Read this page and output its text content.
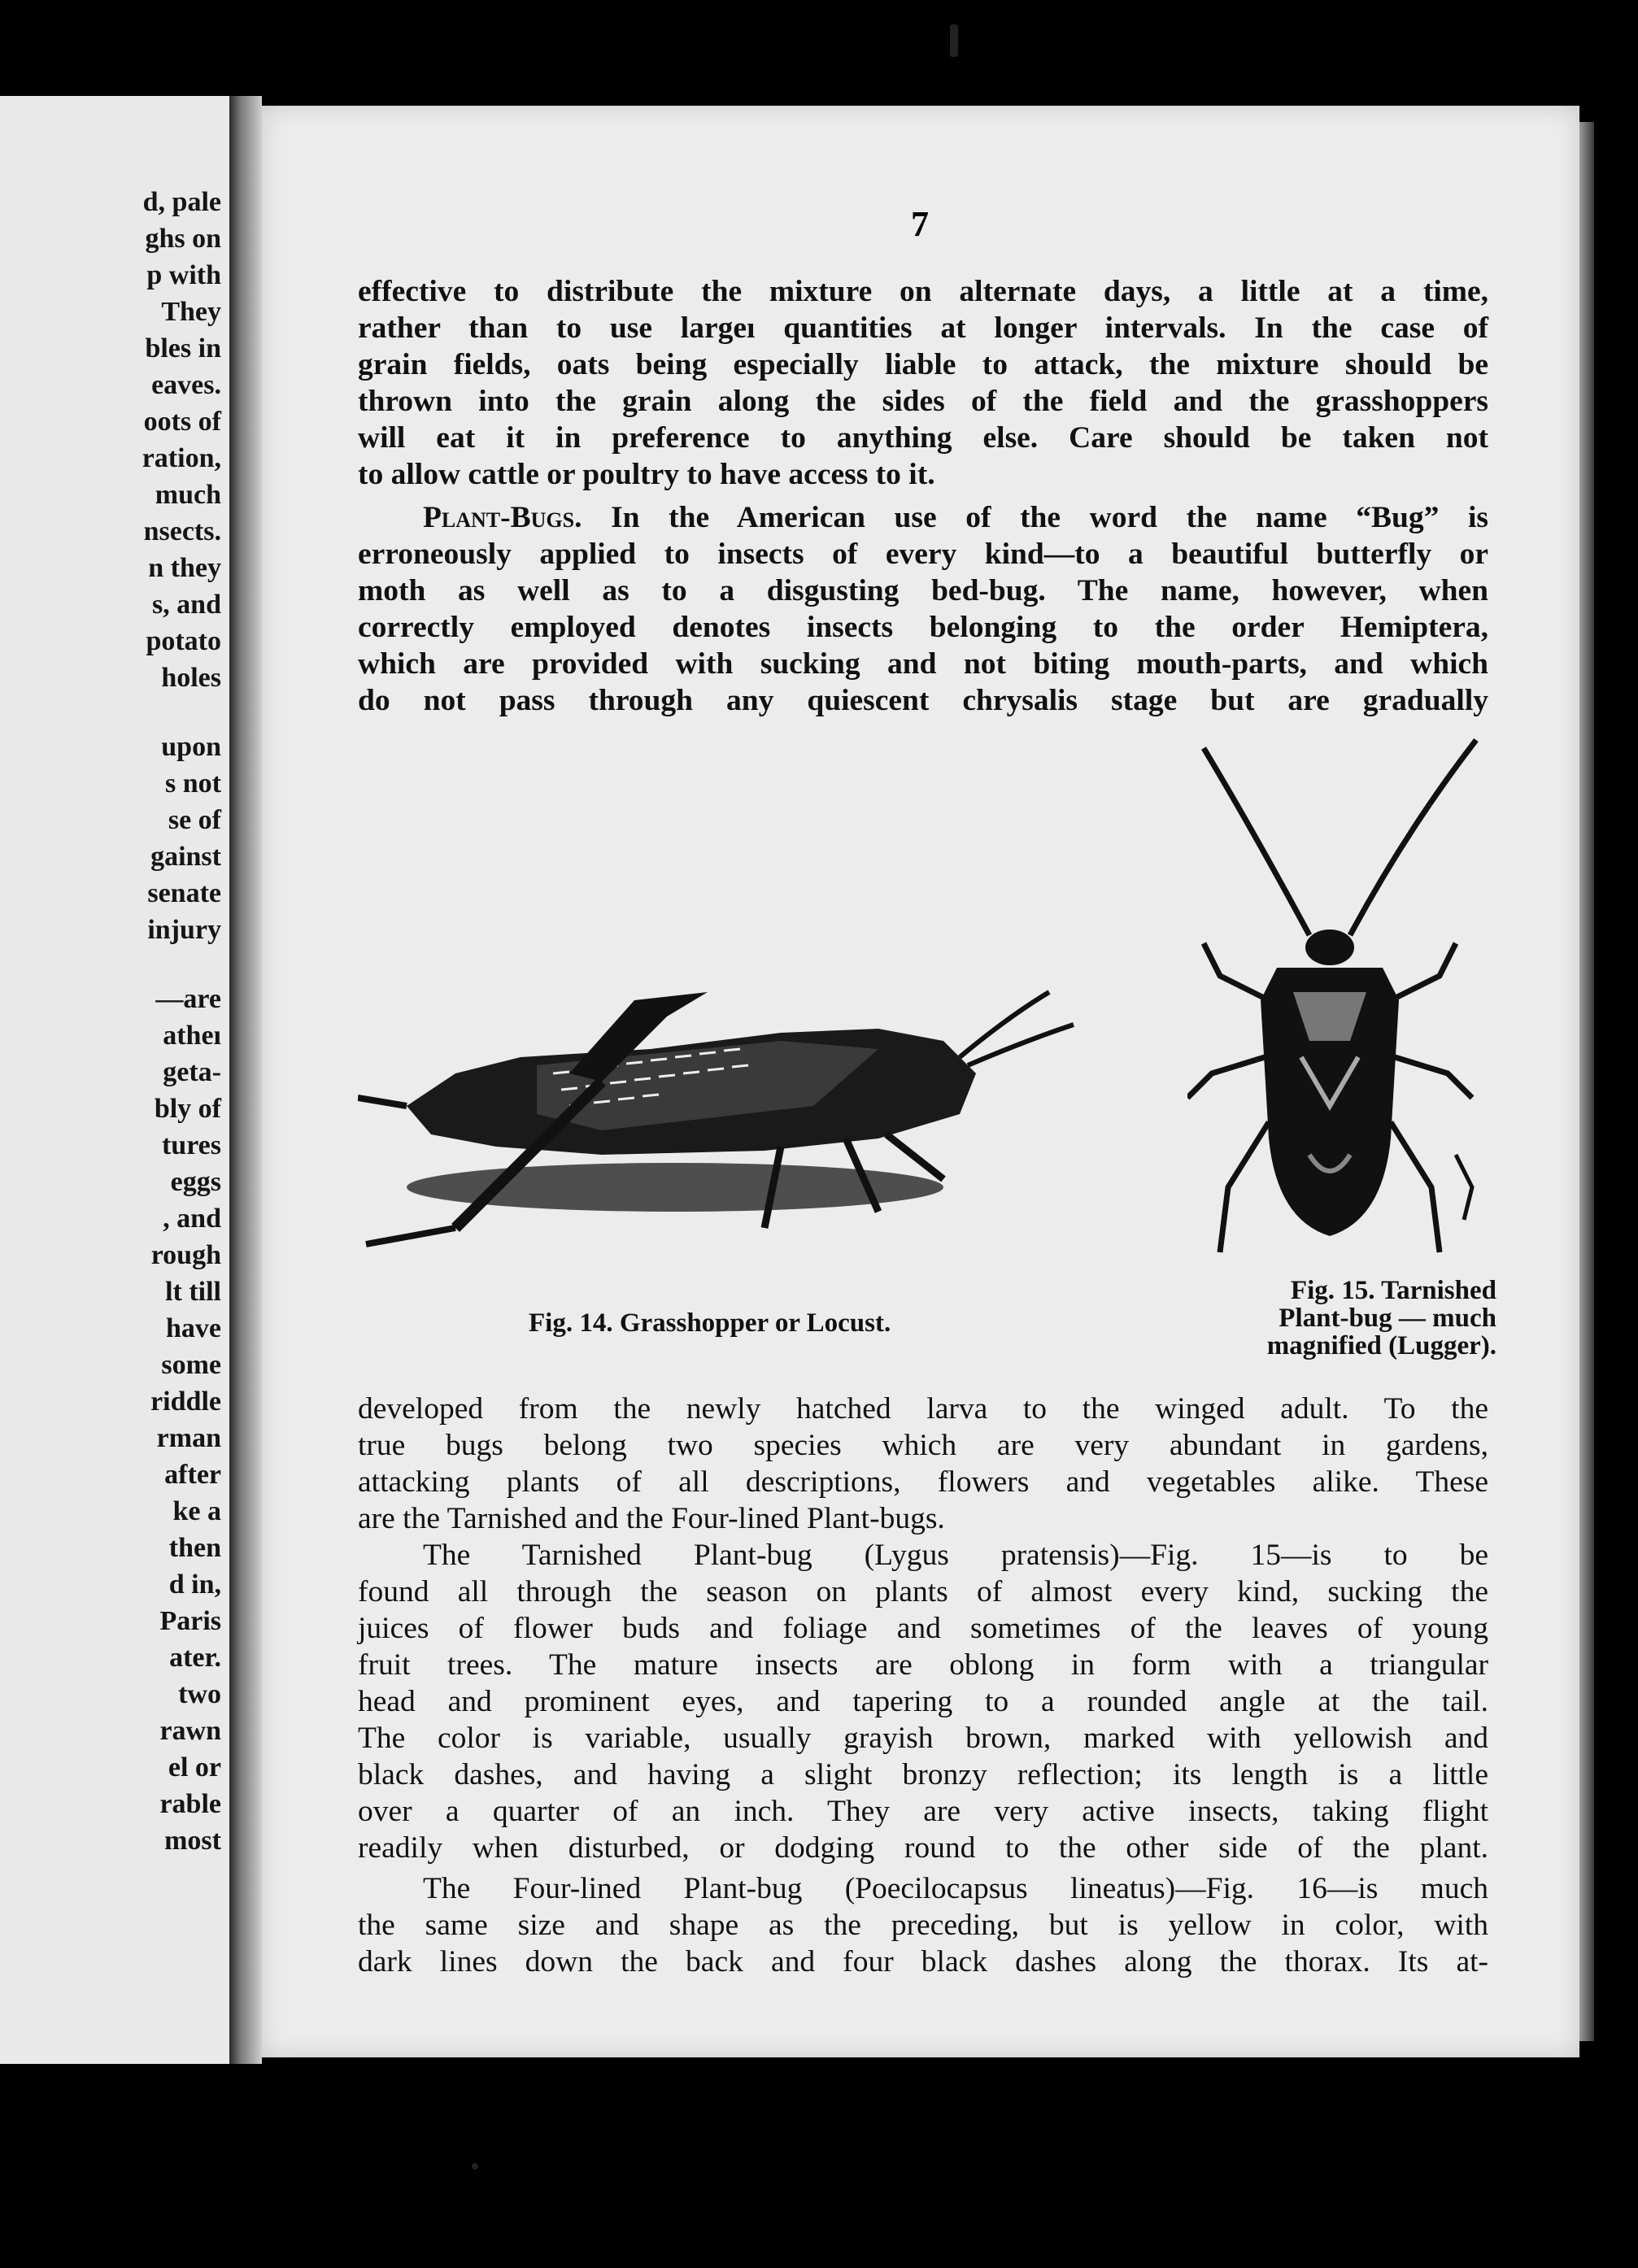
d, pale
ghs on
p with
They
bles in
eaves.
oots of
ration,
much
nsects.
n they
s, and
potato
holes
upon
s not
se of
gainst
senate
injury
—are
atheı
geta-
bly of
tures
eggs
, and
rough
lt till
have
some
riddle
rman
after
ke a
then
d in,
Paris
ater.
two
rawn
el or
rable
most
7
effective to distribute the mixture on alternate days, a little at a time,
rather than to use largeı quantities at longer intervals. In the case of
grain fields, oats being especially liable to attack, the mixture should be
thrown into the grain along the sides of the field and the grasshoppers
will eat it in preference to anything else. Care should be taken not
to allow cattle or poultry to have access to it.
Plant-Bugs. In the American use of the word the name “Bug” is
erroneously applied to insects of every kind—to a beautiful butterfly or
moth as well as to a disgusting bed-bug. The name, however, when
correctly employed denotes insects belonging to the order Hemiptera,
which are provided with sucking and not biting mouth-parts, and which
do not pass through any quiescent chrysalis stage but are gradually
Fig. 14. Grasshopper or Locust.
Fig. 15. Tarnished
Plant-bug — much
magnified (Lugger).
developed from the newly hatched larva to the winged adult. To the
true bugs belong two species which are very abundant in gardens,
attacking plants of all descriptions, flowers and vegetables alike. These
are the Tarnished and the Four-lined Plant-bugs.
The Tarnished Plant-bug (Lygus pratensis)—Fig. 15—is to be
found all through the season on plants of almost every kind, sucking the
juices of flower buds and foliage and sometimes of the leaves of young
fruit trees. The mature insects are oblong in form with a triangular
head and prominent eyes, and tapering to a rounded angle at the tail.
The color is variable, usually grayish brown, marked with yellowish and
black dashes, and having a slight bronzy reflection; its length is a little
over a quarter of an inch. They are very active insects, taking flight
readily when disturbed, or dodging round to the other side of the plant.
The Four-lined Plant-bug (Poecilocapsus lineatus)—Fig. 16—is much
the same size and shape as the preceding, but is yellow in color, with
dark lines down the back and four black dashes along the thorax. Its at-
